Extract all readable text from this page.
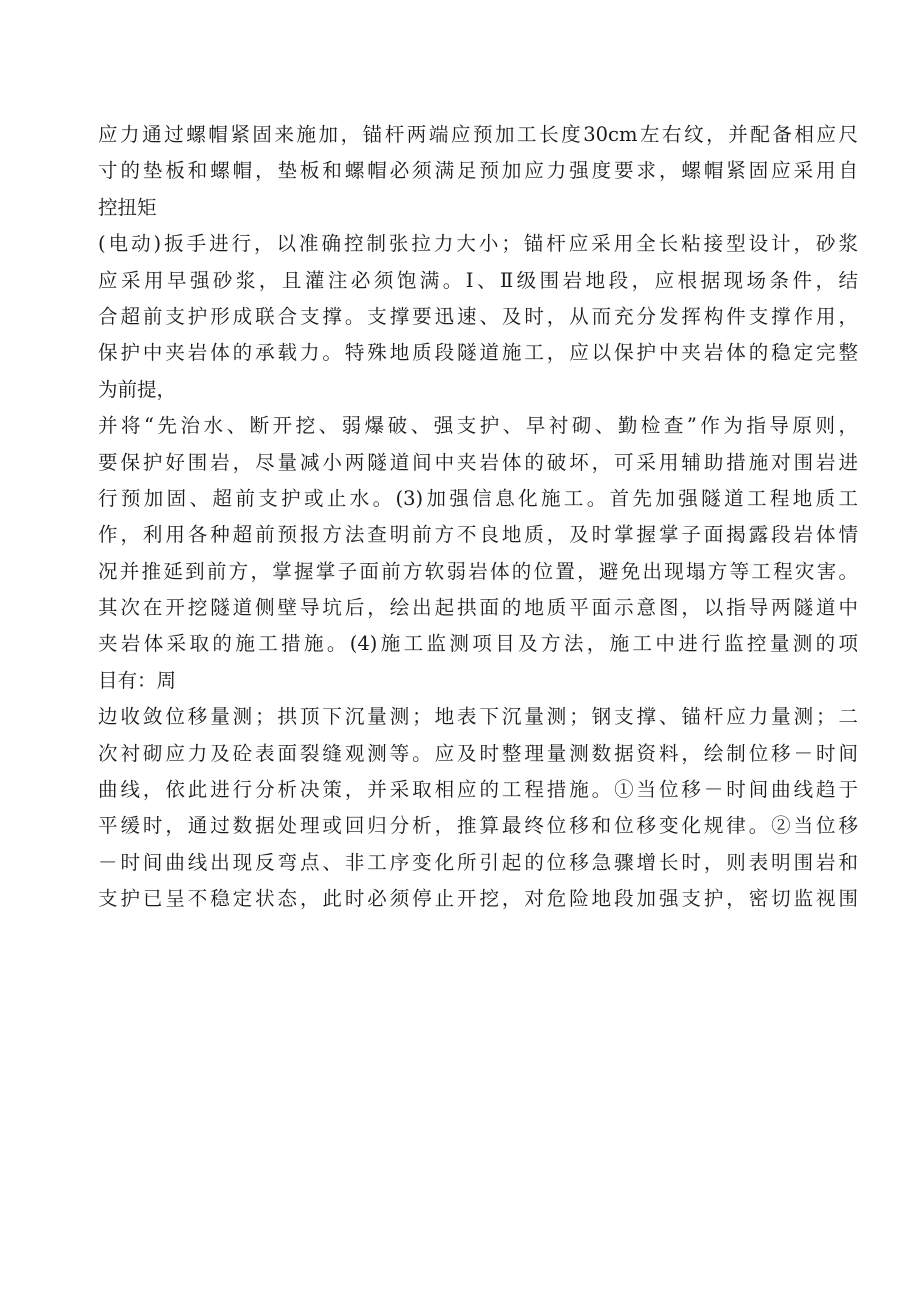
应力通过螺帽紧固来施加，锚杆两端应预加工长度30cm左右纹，并配备相应尺
寸的垫板和螺帽，垫板和螺帽必须满足预加应力强度要求，螺帽紧固应采用自
控扭矩
(电动)扳手进行，以准确控制张拉力大小；锚杆应采用全长粘接型设计，砂浆
应采用早强砂浆，且灌注必须饱满。Ⅰ、Ⅱ级围岩地段，应根据现场条件，结
合超前支护形成联合支撑。支撑要迅速、及时，从而充分发挥构件支撑作用，
保护中夹岩体的承载力。特殊地质段隧道施工，应以保护中夹岩体的稳定完整
为前提，
并将“先治水、断开挖、弱爆破、强支护、早衬砌、勤检查”作为指导原则，
要保护好围岩，尽量减小两隧道间中夹岩体的破坏，可采用辅助措施对围岩进
行预加固、超前支护或止水。(3)加强信息化施工。首先加强隧道工程地质工
作，利用各种超前预报方法查明前方不良地质，及时掌握掌子面揭露段岩体情
况并推延到前方，掌握掌子面前方软弱岩体的位置，避免出现塌方等工程灾害。
其次在开挖隧道侧壁导坑后，绘出起拱面的地质平面示意图，以指导两隧道中
夹岩体采取的施工措施。(4)施工监测项目及方法，施工中进行监控量测的项
目有：周
边收敛位移量测；拱顶下沉量测；地表下沉量测；钢支撑、锚杆应力量测；二
次衬砌应力及砼表面裂缝观测等。应及时整理量测数据资料，绘制位移－时间
曲线，依此进行分析决策，并采取相应的工程措施。①当位移－时间曲线趋于
平缓时，通过数据处理或回归分析，推算最终位移和位移变化规律。②当位移
－时间曲线出现反弯点、非工序变化所引起的位移急骤增长时，则表明围岩和
支护已呈不稳定状态，此时必须停止开挖，对危险地段加强支护，密切监视围
